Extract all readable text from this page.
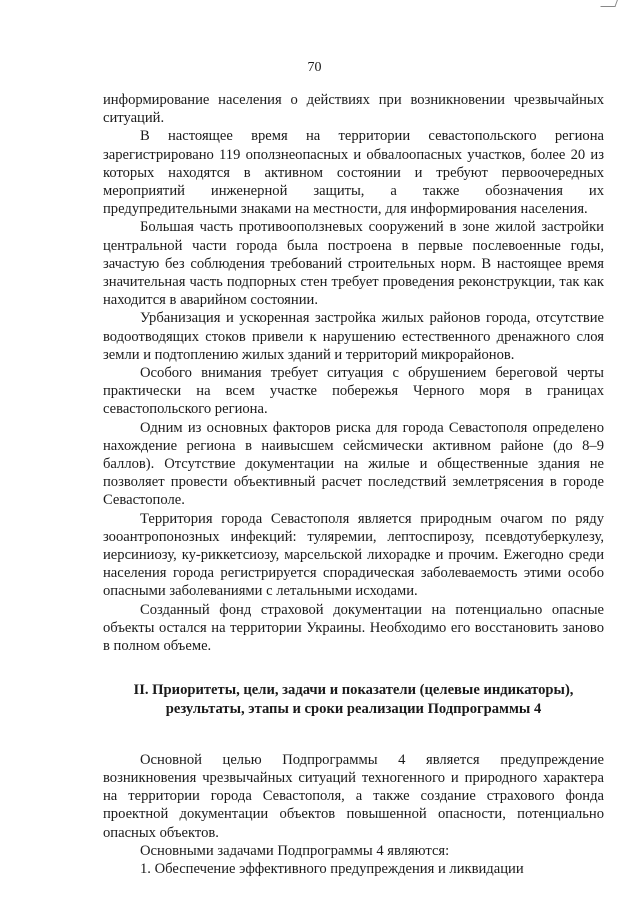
70

информирование населения о действиях при возникновении чрезвычайных ситуаций.

В настоящее время на территории севастопольского региона зарегистрировано 119 оползнеопасных и обвалоопасных участков, более 20 из которых находятся в активном состоянии и требуют первоочередных мероприятий инженерной защиты, а также обозначения их предупредительными знаками на местности, для информирования населения.

Большая часть противооползневых сооружений в зоне жилой застройки центральной части города была построена в первые послевоенные годы, зачастую без соблюдения требований строительных норм. В настоящее время значительная часть подпорных стен требует проведения реконструкции, так как находится в аварийном состоянии.

Урбанизация и ускоренная застройка жилых районов города, отсутствие водоотводящих стоков привели к нарушению естественного дренажного слоя земли и подтоплению жилых зданий и территорий микрорайонов.

Особого внимания требует ситуация с обрушением береговой черты практически на всем участке побережья Черного моря в границах севастопольского региона.

Одним из основных факторов риска для города Севастополя определено нахождение региона в наивысшем сейсмически активном районе (до 8–9 баллов). Отсутствие документации на жилые и общественные здания не позволяет провести объективный расчет последствий землетрясения в городе Севастополе.

Территория города Севастополя является природным очагом по ряду зооантропонозных инфекций: туляремии, лептоспирозу, псевдотуберкулезу, иерсиниозу, ку-риккетсиозу, марсельской лихорадке и прочим. Ежегодно среди населения города регистрируется спорадическая заболеваемость этими особо опасными заболеваниями с летальными исходами.

Созданный фонд страховой документации на потенциально опасные объекты остался на территории Украины. Необходимо его восстановить заново в полном объеме.

II. Приоритеты, цели, задачи и показатели (целевые индикаторы), результаты, этапы и сроки реализации Подпрограммы 4

Основной целью Подпрограммы 4 является предупреждение возникновения чрезвычайных ситуаций техногенного и природного характера на территории города Севастополя, а также создание страхового фонда проектной документации объектов повышенной опасности, потенциально опасных объектов.

Основными задачами Подпрограммы 4 являются:

1. Обеспечение эффективного предупреждения и ликвидации
